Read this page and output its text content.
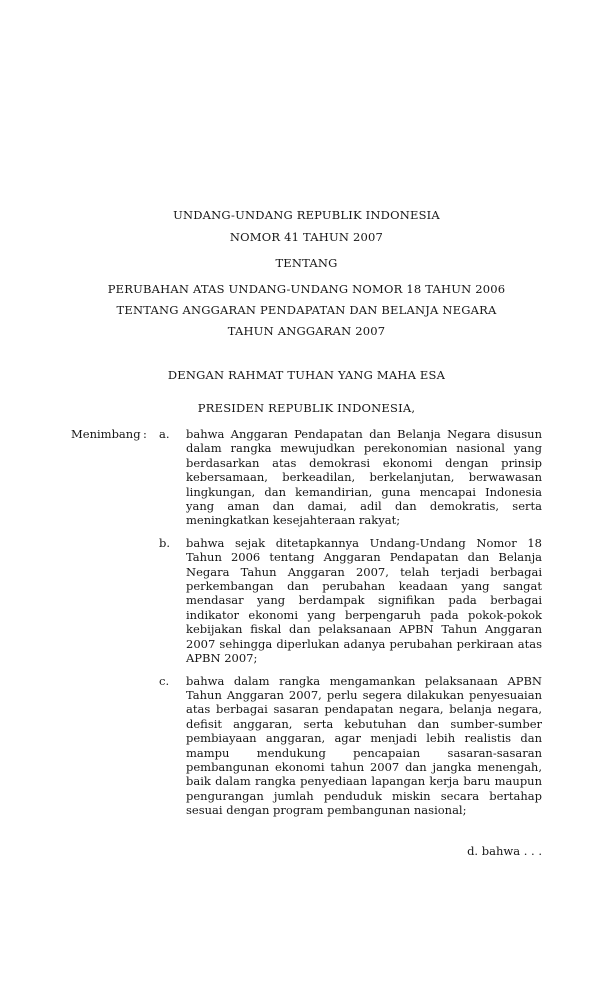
UNDANG-UNDANG REPUBLIK INDONESIA
NOMOR 41 TAHUN 2007
TENTANG
PERUBAHAN ATAS UNDANG-UNDANG NOMOR 18 TAHUN 2006
TENTANG ANGGARAN PENDAPATAN DAN BELANJA NEGARA
TAHUN ANGGARAN 2007
DENGAN RAHMAT TUHAN YANG MAHA ESA
PRESIDEN REPUBLIK INDONESIA,
Menimbang :	a.	bahwa Anggaran Pendapatan dan Belanja Negara disusun dalam rangka mewujudkan perekonomian nasional yang berdasarkan atas demokrasi ekonomi dengan prinsip kebersamaan, berkeadilan, berkelanjutan, berwawasan lingkungan, dan kemandirian, guna mencapai Indonesia yang aman dan damai, adil dan demokratis, serta meningkatkan kesejahteraan rakyat;
b.	bahwa sejak ditetapkannya Undang-Undang Nomor 18 Tahun 2006 tentang Anggaran Pendapatan dan Belanja Negara Tahun Anggaran 2007, telah terjadi berbagai perkembangan dan perubahan keadaan yang sangat mendasar yang berdampak signifikan pada berbagai indikator ekonomi yang berpengaruh pada pokok-pokok kebijakan fiskal dan pelaksanaan APBN Tahun Anggaran 2007 sehingga diperlukan adanya perubahan perkiraan atas APBN 2007;
c.	bahwa dalam rangka mengamankan pelaksanaan APBN Tahun Anggaran 2007, perlu segera dilakukan penyesuaian atas berbagai sasaran pendapatan negara, belanja negara, defisit anggaran, serta kebutuhan dan sumber-sumber pembiayaan anggaran, agar menjadi lebih realistis dan mampu mendukung pencapaian sasaran-sasaran pembangunan ekonomi tahun 2007 dan jangka menengah, baik dalam rangka penyediaan lapangan kerja baru maupun pengurangan jumlah penduduk miskin secara bertahap sesuai dengan program pembangunan nasional;
d. bahwa . . .
